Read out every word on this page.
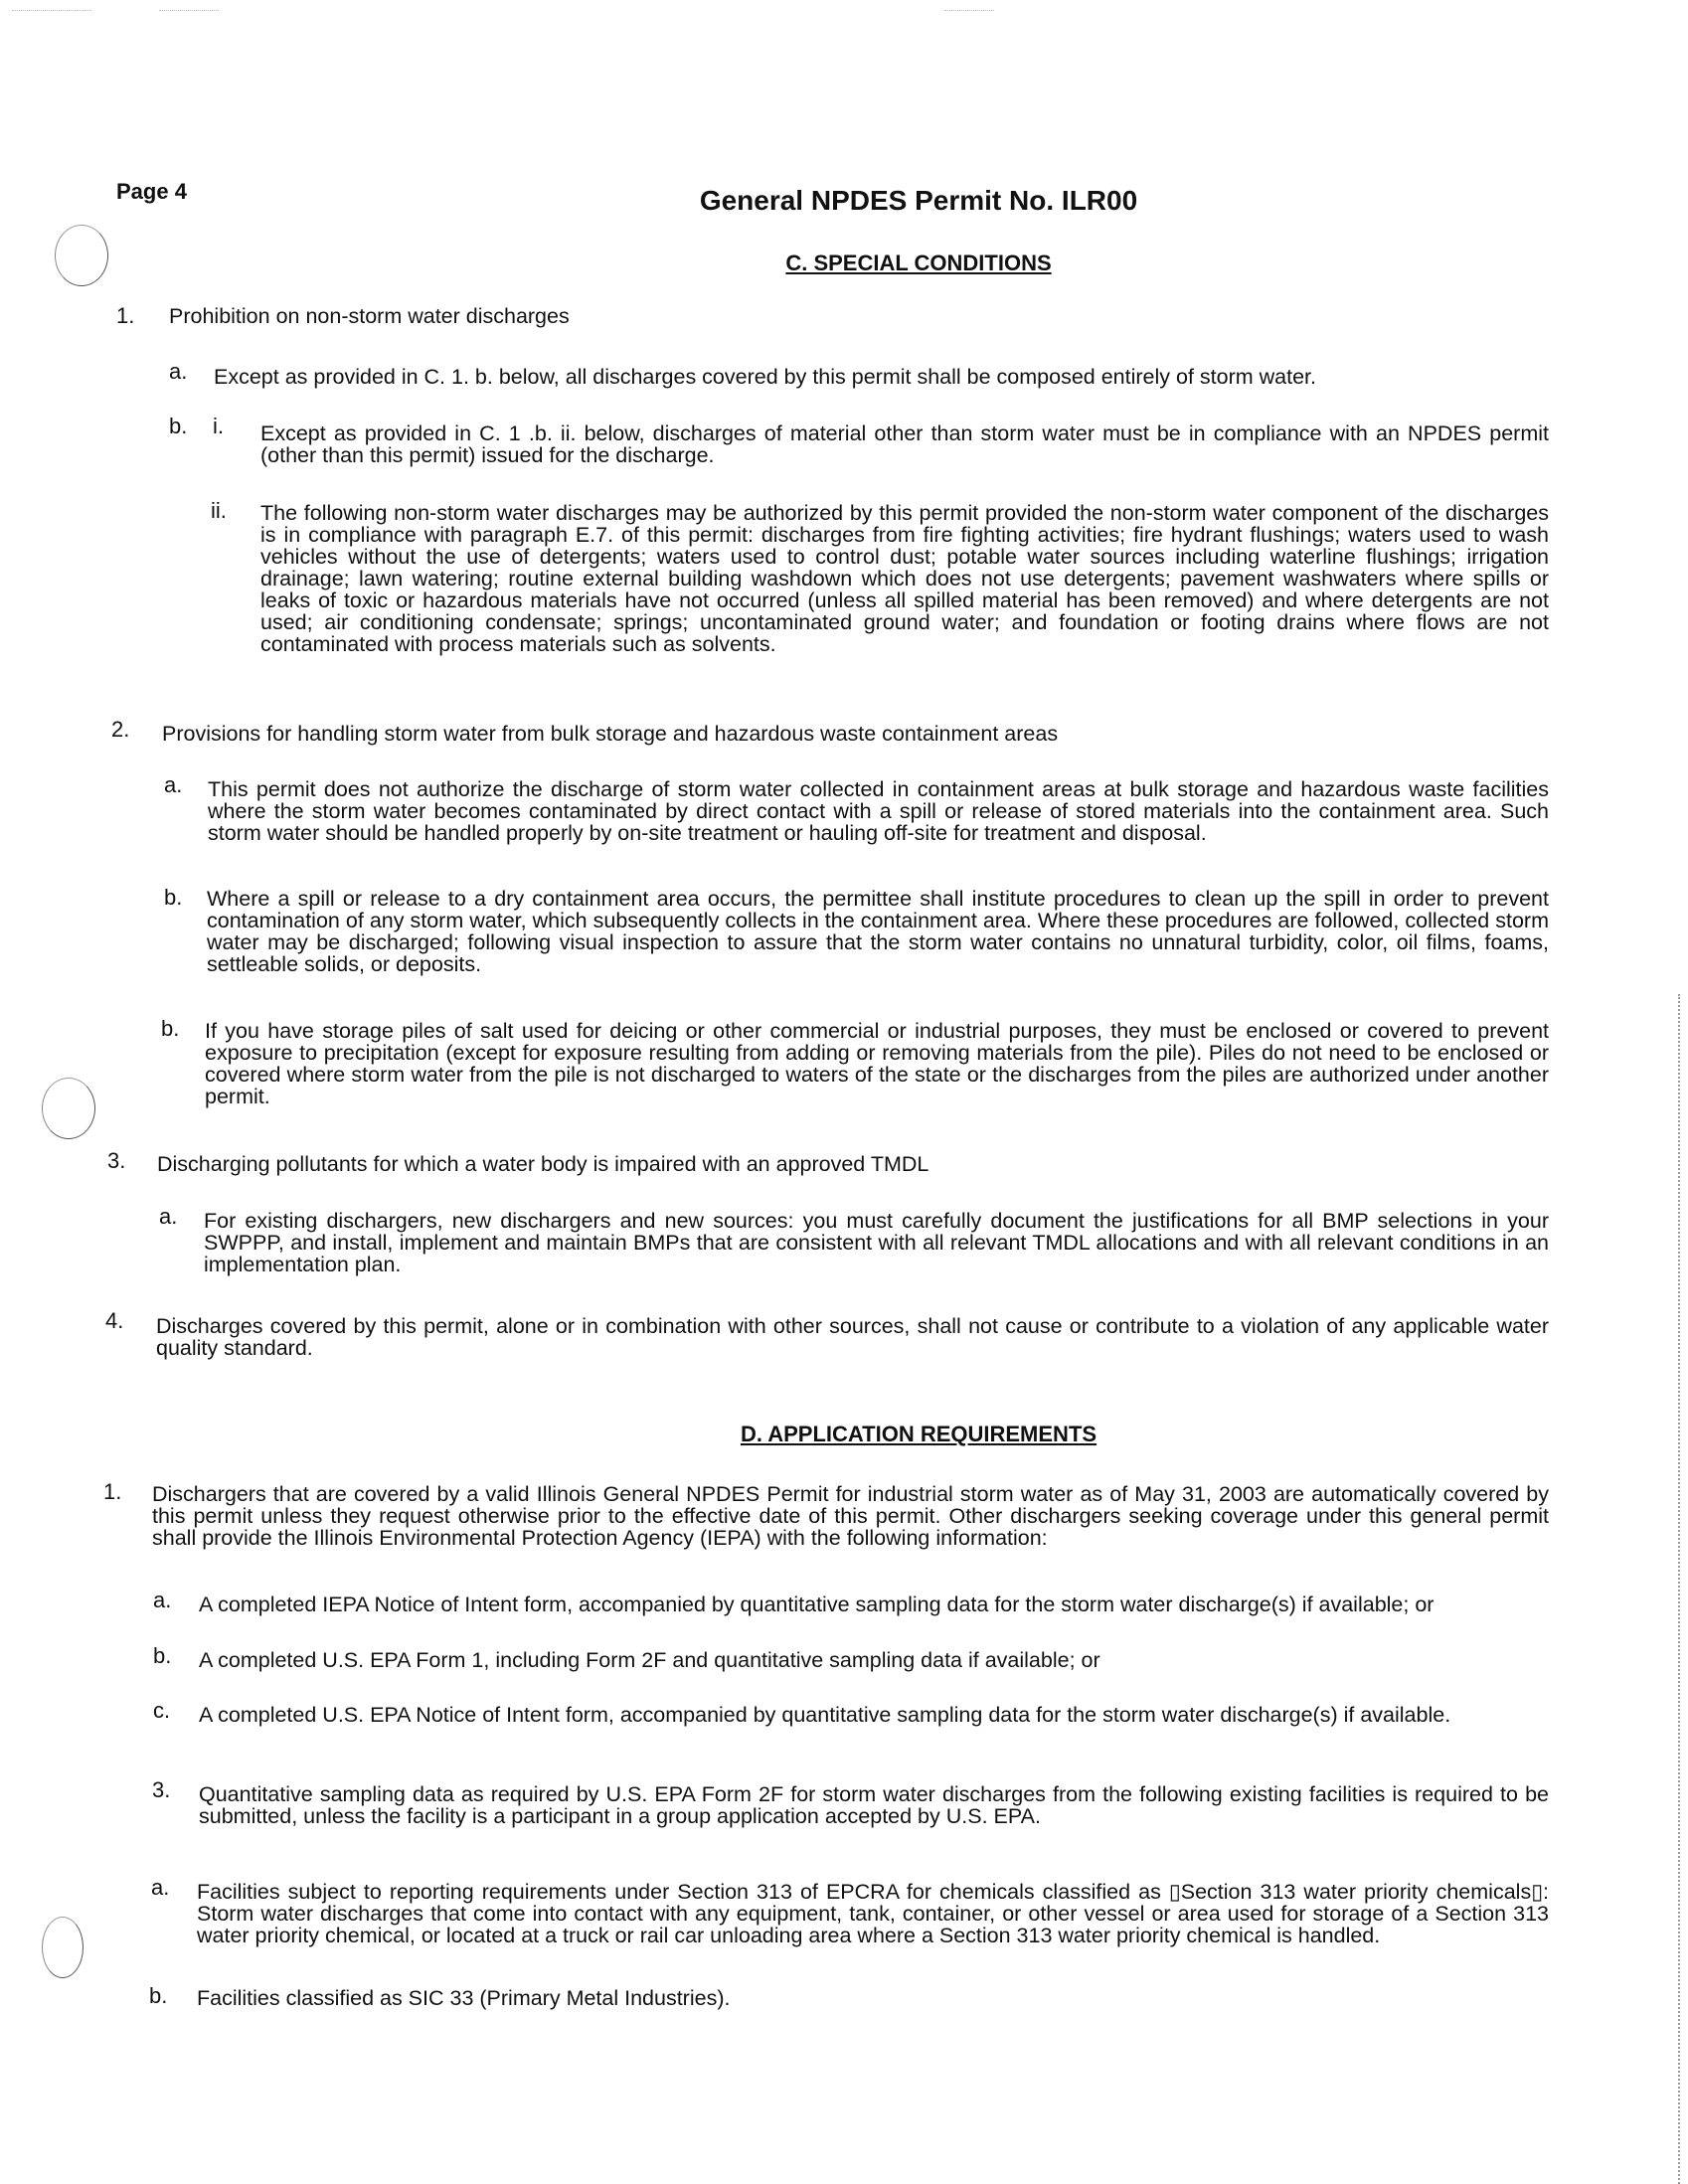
Page 4	General NPDES Permit No. ILR00
C. SPECIAL CONDITIONS
1. Prohibition on non-storm water discharges
a. Except as provided in C. 1. b. below, all discharges covered by this permit shall be composed entirely of storm water.
b. i. Except as provided in C. 1 .b. ii. below, discharges of material other than storm water must be in compliance with an NPDES permit (other than this permit) issued for the discharge.
ii. The following non-storm water discharges may be authorized by this permit provided the non-storm water component of the discharges is in compliance with paragraph E.7. of this permit: discharges from fire fighting activities; fire hydrant flushings; waters used to wash vehicles without the use of detergents; waters used to control dust; potable water sources including waterline flushings; irrigation drainage; lawn watering; routine external building washdown which does not use detergents; pavement washwaters where spills or leaks of toxic or hazardous materials have not occurred (unless all spilled material has been removed) and where detergents are not used; air conditioning condensate; springs; uncontaminated ground water; and foundation or footing drains where flows are not contaminated with process materials such as solvents.
2. Provisions for handling storm water from bulk storage and hazardous waste containment areas
a. This permit does not authorize the discharge of storm water collected in containment areas at bulk storage and hazardous waste facilities where the storm water becomes contaminated by direct contact with a spill or release of stored materials into the containment area. Such storm water should be handled properly by on-site treatment or hauling off-site for treatment and disposal.
b. Where a spill or release to a dry containment area occurs, the permittee shall institute procedures to clean up the spill in order to prevent contamination of any storm water, which subsequently collects in the containment area. Where these procedures are followed, collected storm water may be discharged; following visual inspection to assure that the storm water contains no unnatural turbidity, color, oil films, foams, settleable solids, or deposits.
b. If you have storage piles of salt used for deicing or other commercial or industrial purposes, they must be enclosed or covered to prevent exposure to precipitation (except for exposure resulting from adding or removing materials from the pile). Piles do not need to be enclosed or covered where storm water from the pile is not discharged to waters of the state or the discharges from the piles are authorized under another permit.
3. Discharging pollutants for which a water body is impaired with an approved TMDL
a. For existing dischargers, new dischargers and new sources: you must carefully document the justifications for all BMP selections in your SWPPP, and install, implement and maintain BMPs that are consistent with all relevant TMDL allocations and with all relevant conditions in an implementation plan.
4. Discharges covered by this permit, alone or in combination with other sources, shall not cause or contribute to a violation of any applicable water quality standard.
D. APPLICATION REQUIREMENTS
1. Dischargers that are covered by a valid Illinois General NPDES Permit for industrial storm water as of May 31, 2003 are automatically covered by this permit unless they request otherwise prior to the effective date of this permit. Other dischargers seeking coverage under this general permit shall provide the Illinois Environmental Protection Agency (IEPA) with the following information:
a. A completed IEPA Notice of Intent form, accompanied by quantitative sampling data for the storm water discharge(s) if available; or
b. A completed U.S. EPA Form 1, including Form 2F and quantitative sampling data if available; or
c. A completed U.S. EPA Notice of Intent form, accompanied by quantitative sampling data for the storm water discharge(s) if available.
3. Quantitative sampling data as required by U.S. EPA Form 2F for storm water discharges from the following existing facilities is required to be submitted, unless the facility is a participant in a group application accepted by U.S. EPA.
a. Facilities subject to reporting requirements under Section 313 of EPCRA for chemicals classified as ▯Section 313 water priority chemicals▯: Storm water discharges that come into contact with any equipment, tank, container, or other vessel or area used for storage of a Section 313 water priority chemical, or located at a truck or rail car unloading area where a Section 313 water priority chemical is handled.
b. Facilities classified as SIC 33 (Primary Metal Industries).
